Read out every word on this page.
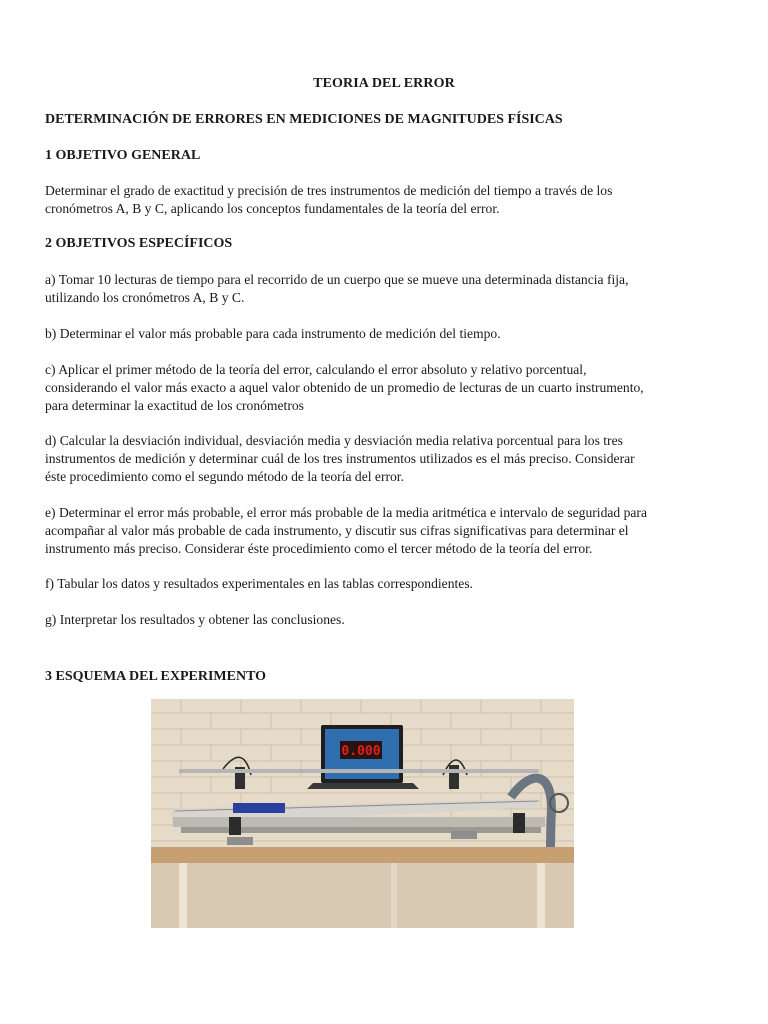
TEORIA DEL ERROR
DETERMINACIÓN DE ERRORES EN MEDICIONES DE MAGNITUDES FÍSICAS
1 OBJETIVO GENERAL
Determinar el grado de exactitud y precisión de tres instrumentos de medición del tiempo a través de los
cronómetros A, B y C, aplicando los conceptos fundamentales de la teoría del error.
2 OBJETIVOS ESPECÍFICOS
a) Tomar 10 lecturas de tiempo para el recorrido de un cuerpo que se mueve una determinada distancia fija,
utilizando los cronómetros A, B y C.
b) Determinar el valor más probable para cada instrumento de medición del tiempo.
c) Aplicar el primer método de la teoría del error, calculando el error absoluto y relativo porcentual,
considerando el valor más exacto a aquel valor obtenido de un promedio de lecturas de un cuarto instrumento,
para determinar la exactitud de los cronómetros
d) Calcular la desviación individual, desviación media y desviación media relativa porcentual para los tres
instrumentos de medición y determinar cuál de los tres instrumentos utilizados es el más preciso. Considerar
éste procedimiento como el segundo método de la teoría del error.
e) Determinar el error más probable, el error más probable de la media aritmética e intervalo de seguridad para
acompañar al valor más probable de cada instrumento, y discutir sus cifras significativas para determinar el
instrumento más preciso. Considerar éste procedimiento como el tercer método de la teoría del error.
f) Tabular los datos y resultados experimentales en las tablas correspondientes.
g) Interpretar los resultados y obtener las conclusiones.
3 ESQUEMA DEL EXPERIMENTO
0.000
